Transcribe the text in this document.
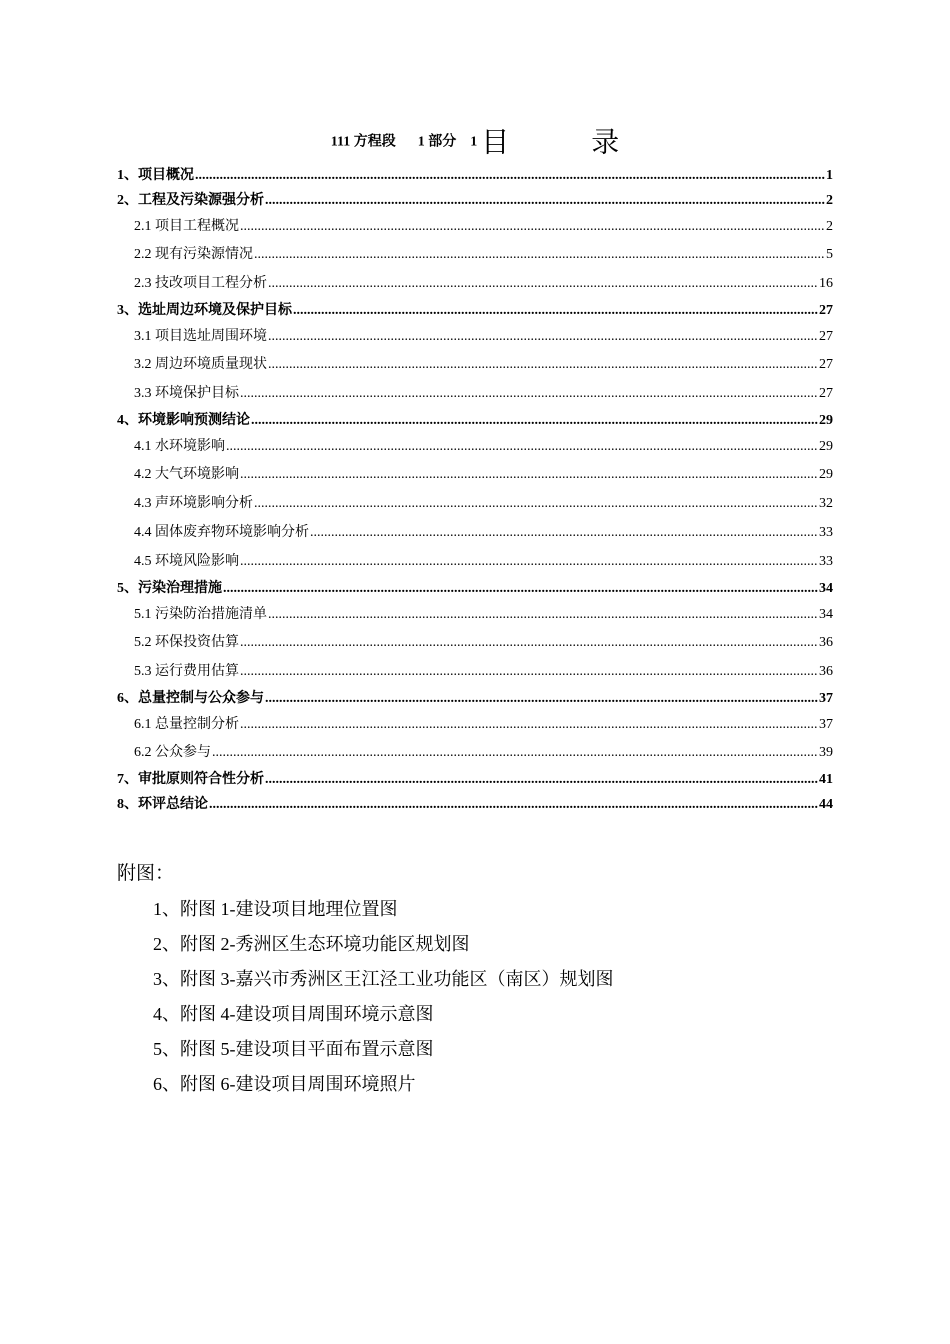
111 方程段 1 部分 1 目	录
1、项目概况 .....	1
2、工程及污染源强分析 .....	2
2.1 项目工程概况 .....	2
2.2 现有污染源情况 .....	5
2.3 技改项目工程分析 .....	16
3、选址周边环境及保护目标 .....	27
3.1 项目选址周围环境 .....	27
3.2 周边环境质量现状 .....	27
3.3 环境保护目标 .....	27
4、环境影响预测结论 .....	29
4.1 水环境影响 .....	29
4.2 大气环境影响 .....	29
4.3 声环境影响分析 .....	32
4.4 固体废弃物环境影响分析 .....	33
4.5 环境风险影响 .....	33
5、污染治理措施 .....	34
5.1 污染防治措施清单 .....	34
5.2 环保投资估算 .....	36
5.3 运行费用估算 .....	36
6、总量控制与公众参与 .....	37
6.1 总量控制分析 .....	37
6.2 公众参与 .....	39
7、审批原则符合性分析 .....	41
8、环评总结论 .....	44
附图：
1、附图 1-建设项目地理位置图
2、附图 2-秀洲区生态环境功能区规划图
3、附图 3-嘉兴市秀洲区王江泾工业功能区（南区）规划图
4、附图 4-建设项目周围环境示意图
5、附图 5-建设项目平面布置示意图
6、附图 6-建设项目周围环境照片
